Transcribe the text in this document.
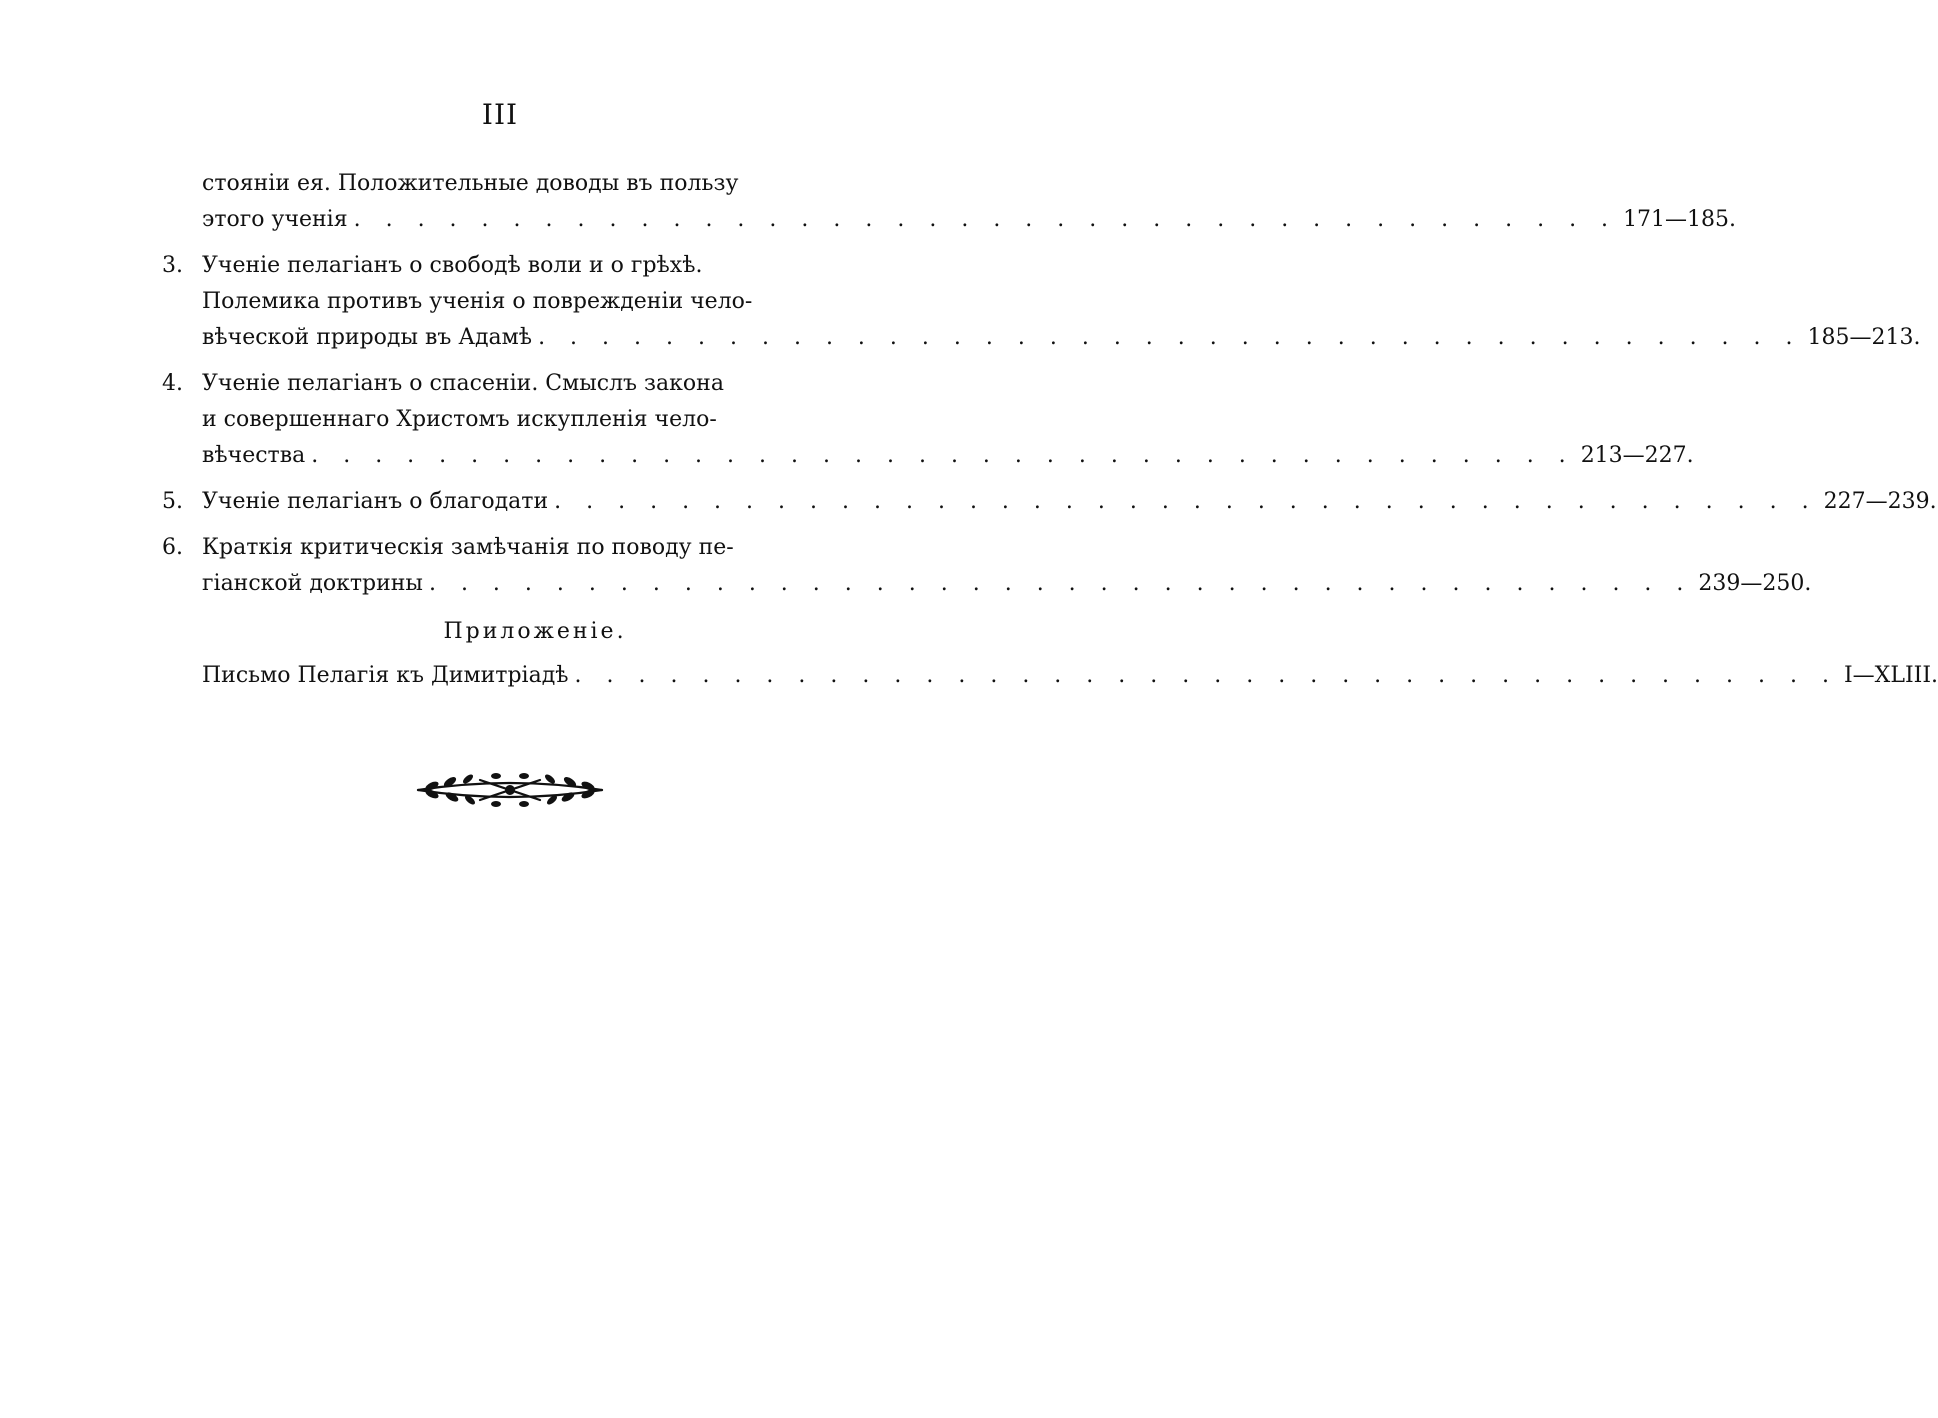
III
стояніи ея. Положительные доводы въ пользу
этого ученія . . .	171—185.
3. Ученіе пелагіанъ о свободѣ воли и о грѣхѣ.
Полемика противъ ученія о поврежденіи чело-
вѣческой природы въ Адамѣ . . .	185—213.
4. Ученіе пелагіанъ о спасеніи. Смыслъ закона
и совершеннаго Христомъ искупленія чело-
вѣчества . . .	213—227.
5. Ученіе пелагіанъ о благодати . . .	227—239.
6. Краткія критическія замѣчанія по поводу пе-
гіанской доктрины . . .	239—250.
Приложеніе.
Письмо Пелагія къ Димитріадѣ . . .	I—XLIII.
